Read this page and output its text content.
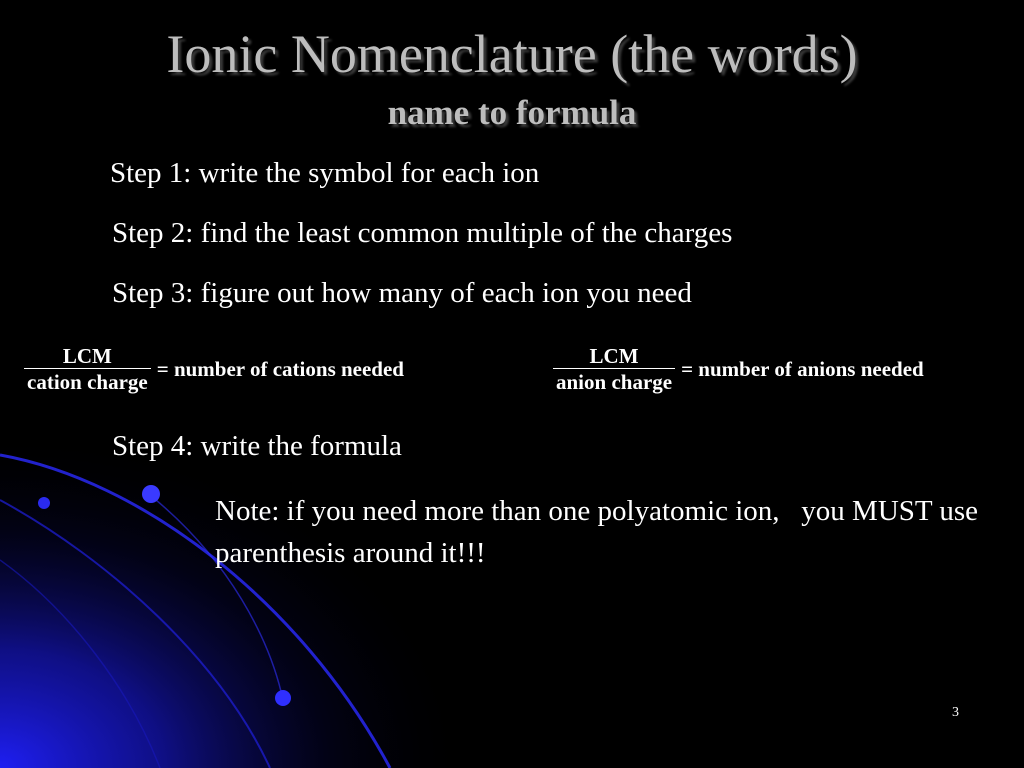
Ionic Nomenclature (the words)
name to formula
Step 1: write the symbol for each ion
Step 2: find the least common multiple of the charges
Step 3: figure out how many of each ion you need
$\frac{\text{LCM}}{\text{cation charge}}$ = number of cations needed	$\frac{\text{LCM}}{\text{anion charge}}$ = number of anions needed
Step 4: write the formula

Note: if you need more than one polyatomic ion,   you MUST use parenthesis around it!!!

3
